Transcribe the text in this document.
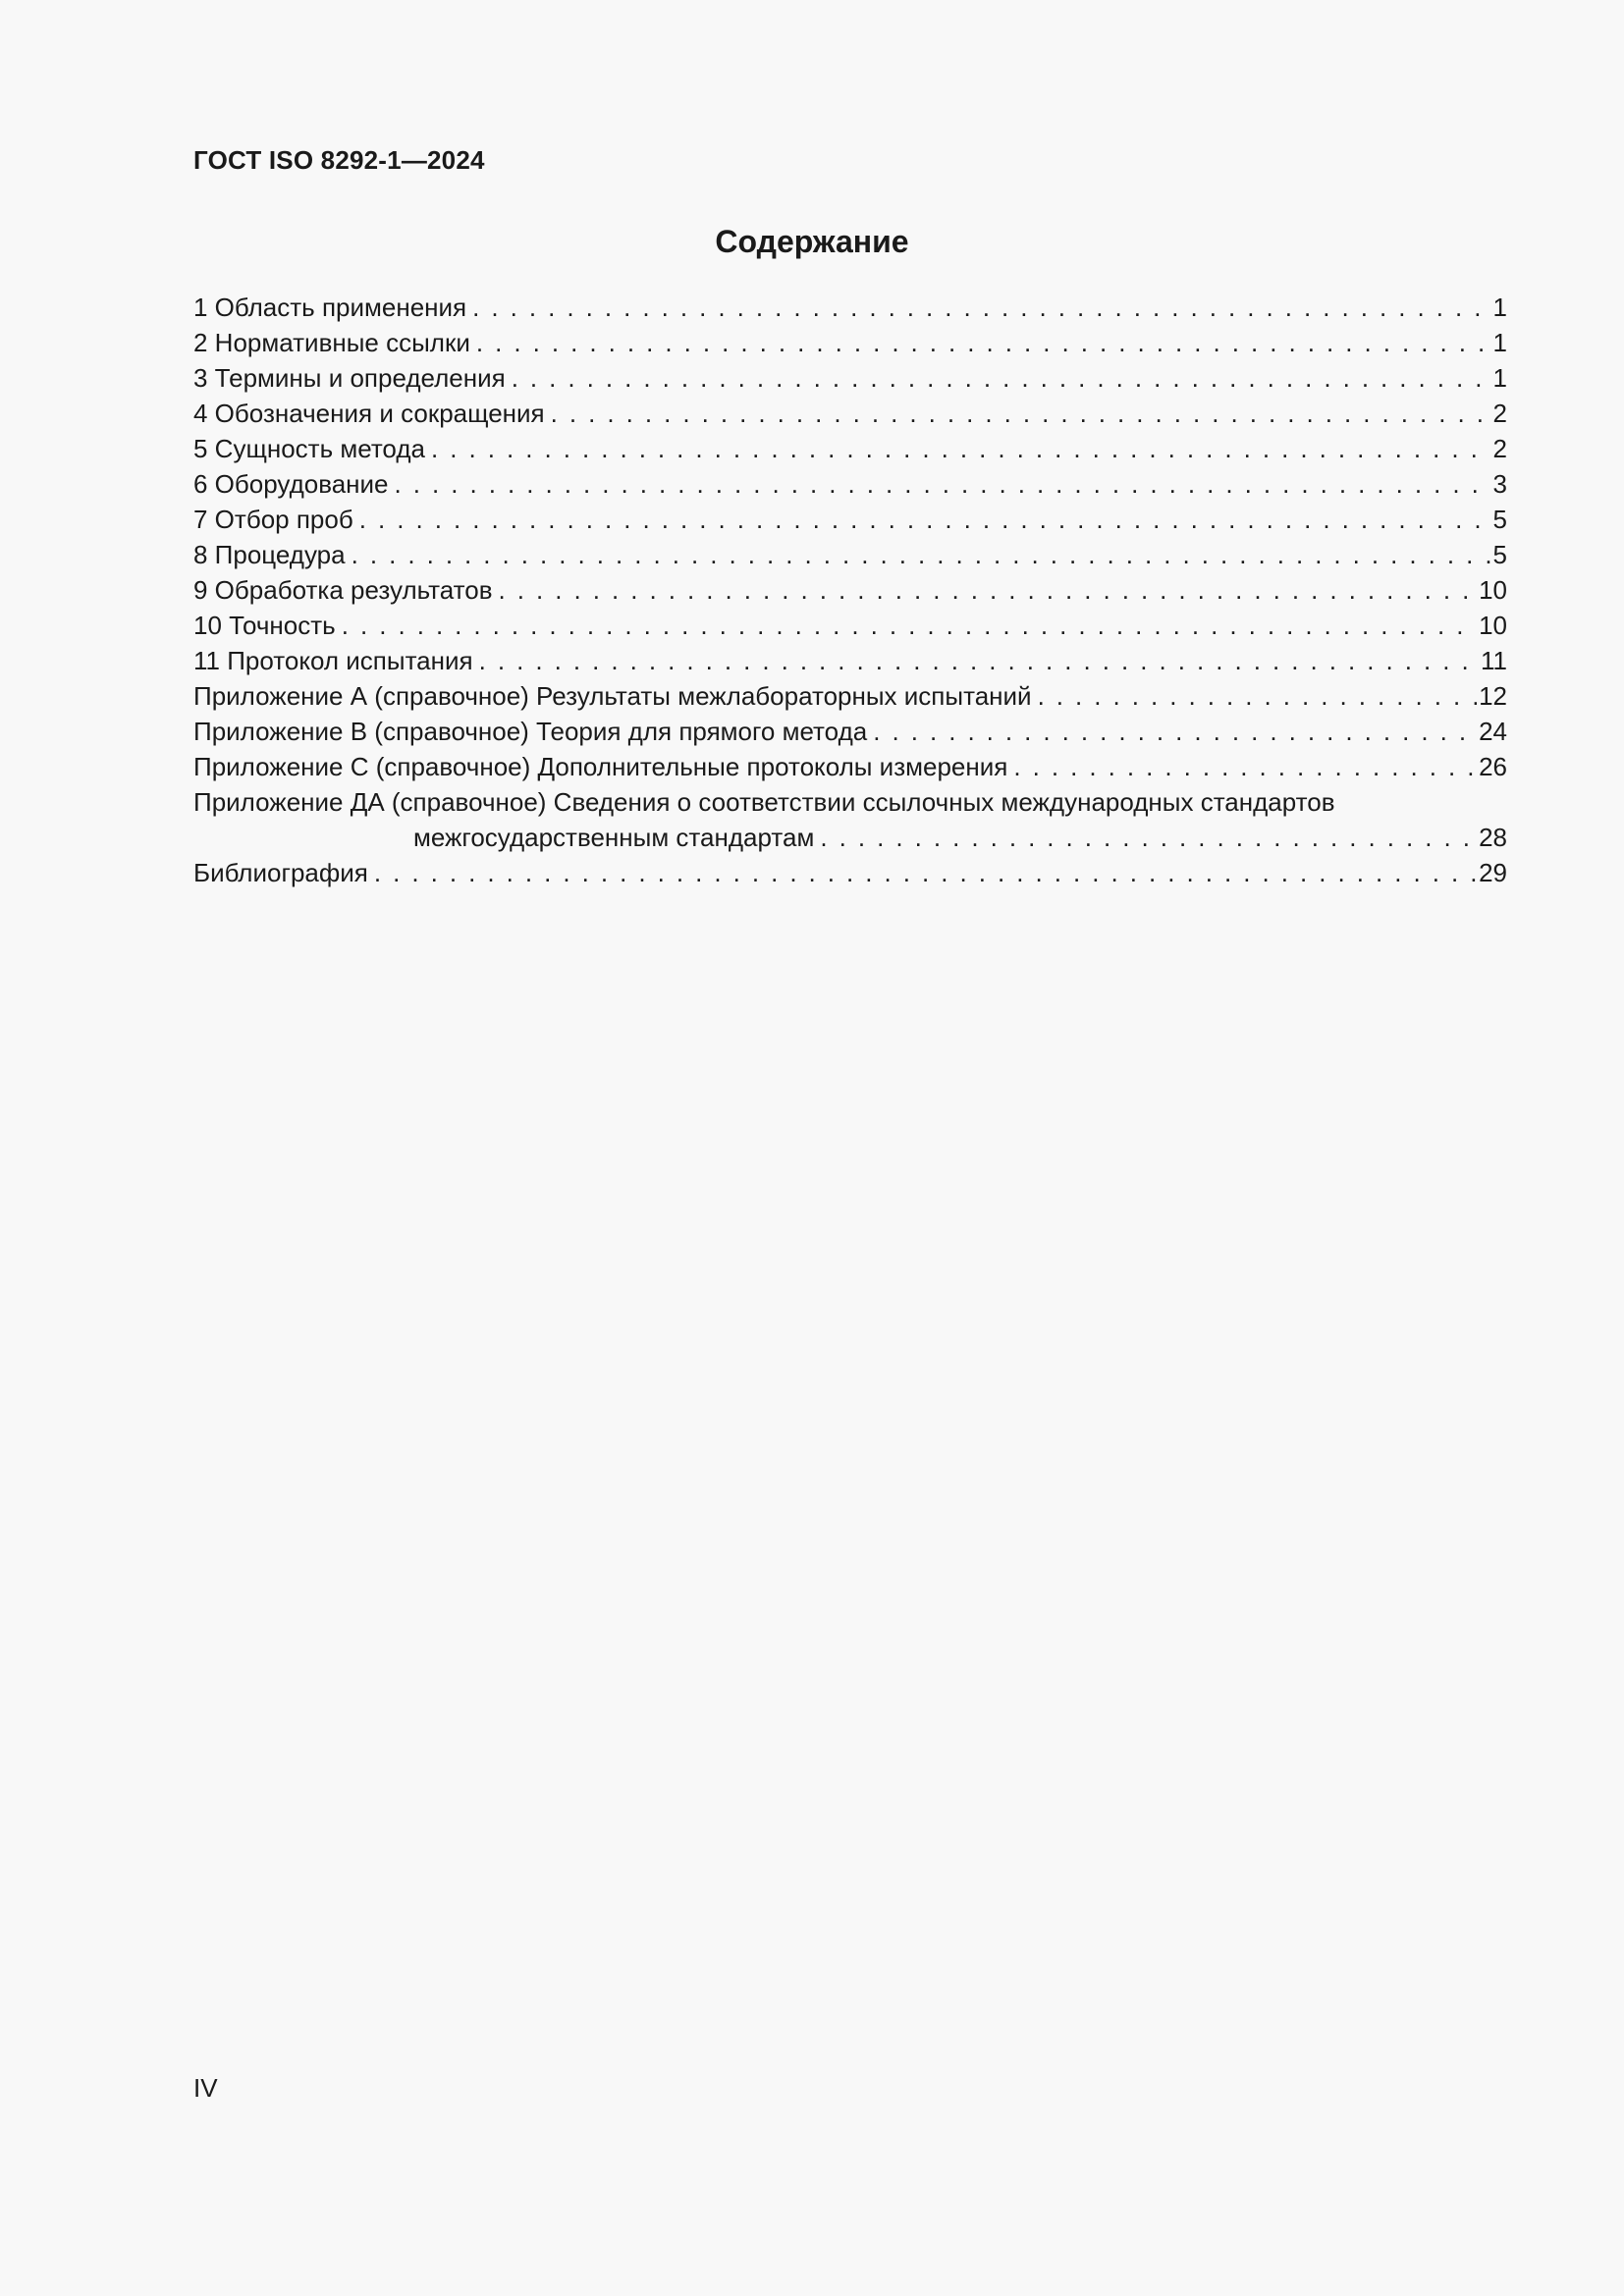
ГОСТ ISO 8292-1—2024
Содержание
1 Область применения . . .	1
2 Нормативные ссылки . . .	1
3 Термины и определения . . .	1
4 Обозначения и сокращения . . .	2
5 Сущность метода . . .	2
6 Оборудование . . .	3
7 Отбор проб . . .	5
8 Процедура . . .	5
9 Обработка результатов . . .	10
10 Точность . . .	10
11 Протокол испытания . . .	11
Приложение А (справочное) Результаты межлабораторных испытаний . . .	12
Приложение В (справочное) Теория для прямого метода . . .	24
Приложение С (справочное) Дополнительные протоколы измерения . . .	26
Приложение ДА (справочное) Сведения о соответствии ссылочных международных стандартов
межгосударственным стандартам . . .	28
Библиография . . .	29
IV
